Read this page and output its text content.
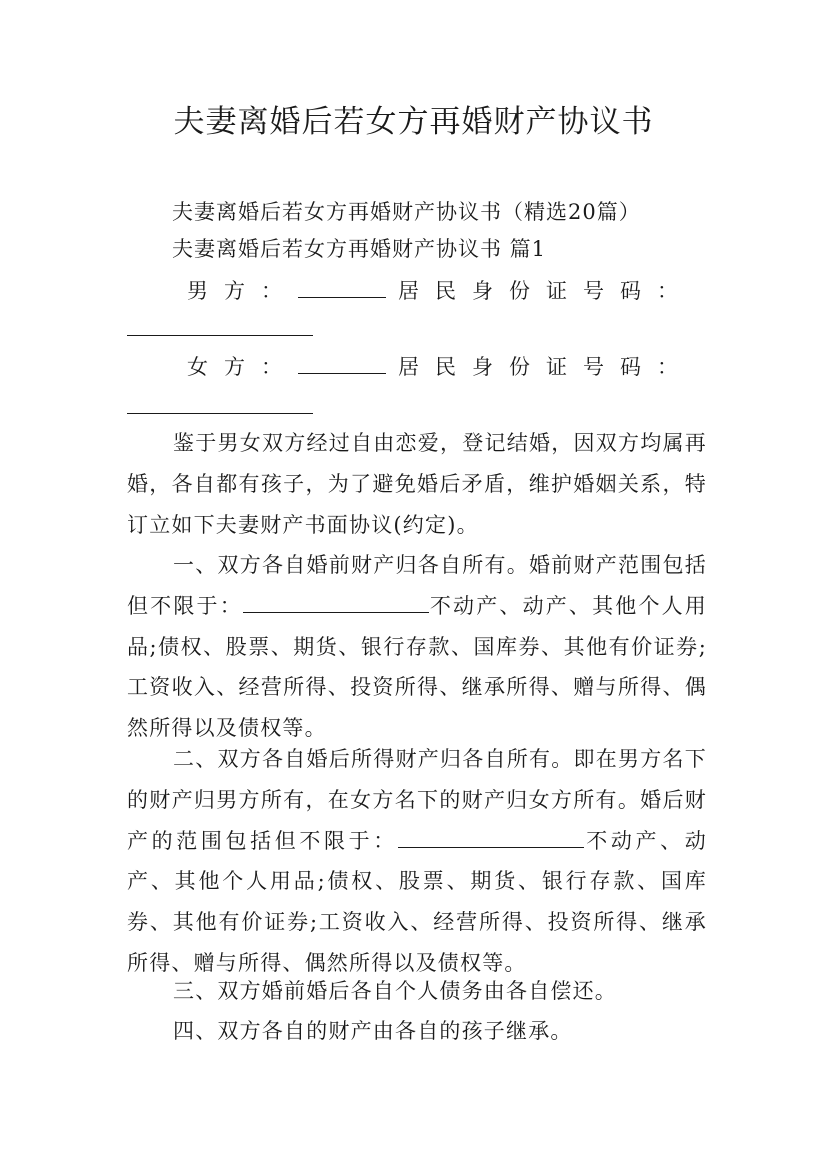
夫妻离婚后若女方再婚财产协议书
夫妻离婚后若女方再婚财产协议书（精选20篇）
夫妻离婚后若女方再婚财产协议书 篇1
男方：	居民身份证号码：
女方：	居民身份证号码：
鉴于男女双方经过自由恋爱，登记结婚，因双方均属再婚，各自都有孩子，为了避免婚后矛盾，维护婚姻关系，特订立如下夫妻财产书面协议(约定)。
一、双方各自婚前财产归各自所有。婚前财产范围包括但不限于：	不动产、动产、其他个人用品;债权、股票、期货、银行存款、国库券、其他有价证券;工资收入、经营所得、投资所得、继承所得、赠与所得、偶然所得以及债权等。
二、双方各自婚后所得财产归各自所有。即在男方名下的财产归男方所有，在女方名下的财产归女方所有。婚后财产的范围包括但不限于：	不动产、动产、其他个人用品;债权、股票、期货、银行存款、国库券、其他有价证券;工资收入、经营所得、投资所得、继承所得、赠与所得、偶然所得以及债权等。
三、双方婚前婚后各自个人债务由各自偿还。
四、双方各自的财产由各自的孩子继承。
